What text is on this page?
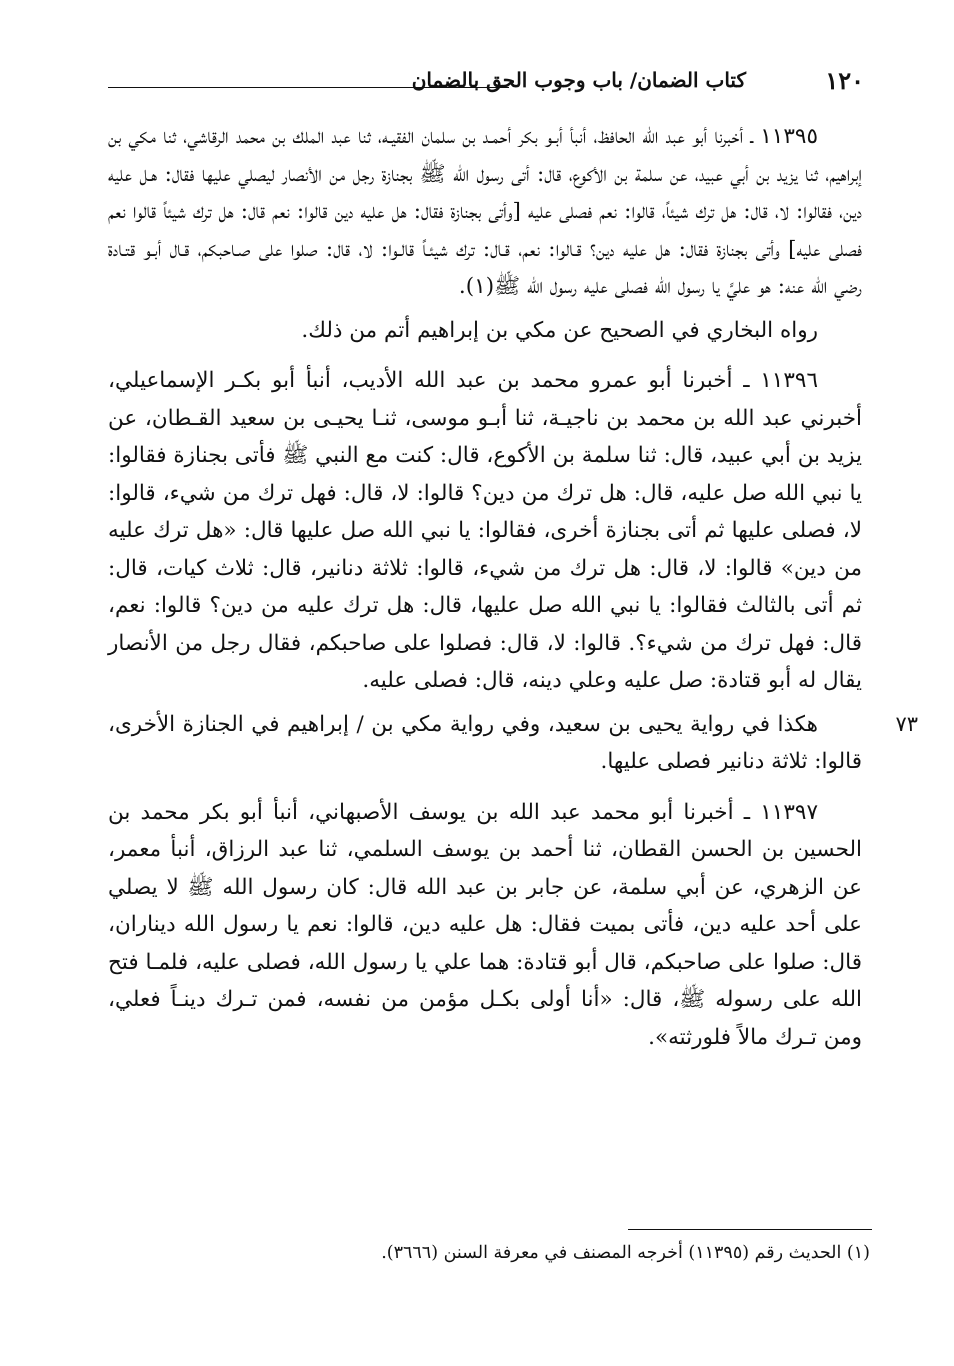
١٢٠
كتاب الضمان/ باب وجوب الحق بالضمان

١١٣٩٥ ـ أخبرنا أبو عبد الله الحافظ، أنبأ أبـو بكر أحمـد بن سلمان الفقيـه، ثنا عبد الملك بن محمد الرقاشي، ثنا مكي بن إبراهيم، ثنا يزيد بن أبي عبيد، عن سلمة بن الأكوع، قال: أتى رسول الله ﷺ بجنازة رجل من الأنصار ليصلي عليها فقال: هـل عليه دين، فقالوا: لا، قال: هل ترك شيئاً، قالوا: نعم فصلى عليه [وأتى بجنازة فقال: هل عليه دين قالوا: نعم قال: هل ترك شيئاً قالوا نعم فصلى عليه] وأتى بجنازة فقال: هل عليه دين؟ قـالوا: نعم، قـال: ترك شيئـاً قالـوا: لا، قال: صلوا على صـاحبكم، قـال أبـو قتـادة رضي الله عنه: هو عليَّ يا رسول الله فصلى عليه رسول الله ﷺ(١).

رواه البخاري في الصحيح عن مكي بن إبراهيم أتم من ذلك.

١١٣٩٦ ـ أخبرنا أبو عمرو محمد بن عبد الله الأديب، أنبأ أبو بكـر الإسماعيلي، أخبرني عبد الله بن محمد بن ناجيـة، ثنا أبـو موسى، ثنـا يحيـى بن سعيد القـطان، عن يزيد بن أبي عبيد، قال: ثنا سلمة بن الأكوع، قال: كنت مع النبي ﷺ فأتى بجنازة فقالوا: يا نبي الله صل عليه، قال: هل ترك من دين؟ قالوا: لا، قال: فهل ترك من شيء، قالوا: لا، فصلى عليها ثم أتى بجنازة أخرى، فقالوا: يا نبي الله صل عليها قال: «هل ترك عليه من دين» قالوا: لا، قال: هل ترك من شيء، قالوا: ثلاثة دنانير، قال: ثلاث كيات، قال: ثم أتى بالثالث فقالوا: يا نبي الله صل عليها، قال: هل ترك عليه من دين؟ قالوا: نعم، قال: فهل ترك من شيء؟. قالوا: لا، قال: فصلوا على صاحبكم، فقال رجل من الأنصار يقال له أبو قتادة: صل عليه وعلي دينه، قال: فصلى عليه.

٧٣

هكذا في رواية يحيى بن سعيد، وفي رواية مكي بن / إبراهيم في الجنازة الأخرى، قالوا: ثلاثة دنانير فصلى عليها.

١١٣٩٧ ـ أخبرنا أبو محمد عبد الله بن يوسف الأصبهاني، أنبأ أبو بكر محمد بن الحسين بن الحسن القطان، ثنا أحمد بن يوسف السلمي، ثنا عبد الرزاق، أنبأ معمر، عن الزهري، عن أبي سلمة، عن جابر بن عبد الله قال: كان رسول الله ﷺ لا يصلي على أحد عليه دين، فأتى بميت فقال: هل عليه دين، قالوا: نعم يا رسول الله ديناران، قال: صلوا على صاحبكم، قال أبو قتادة: هما علي يا رسول الله، فصلى عليه، فلمـا فتح الله على رسوله ﷺ، قال: «أنا أولى بكـل مؤمن من نفسه، فمن تـرك دينـاً فعلي، ومن تـرك مالاً فلورثته».

(١) الحديث رقم (١١٣٩٥) أخرجه المصنف في معرفة السنن (٣٦٦٦).
